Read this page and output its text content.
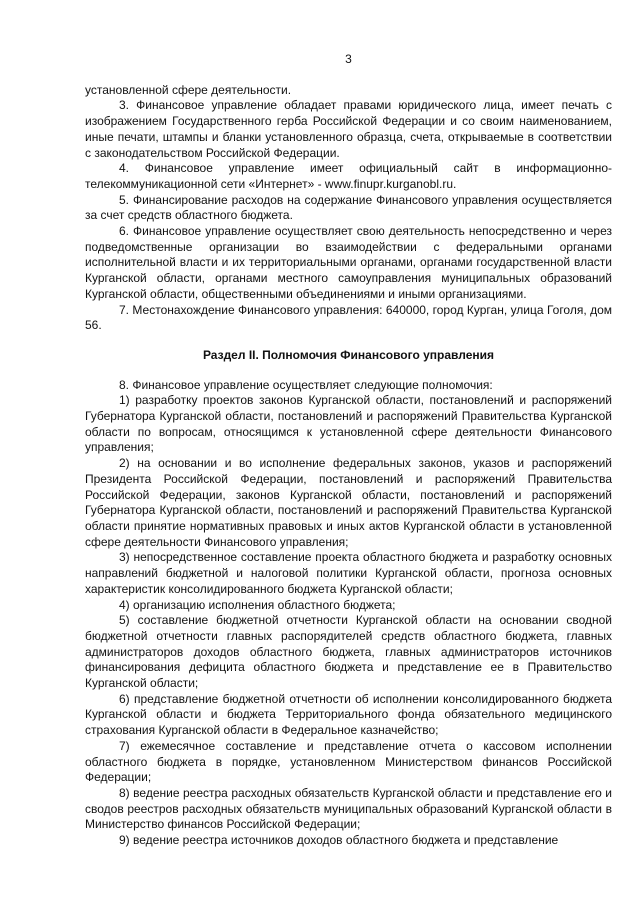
3

установленной сфере деятельности.

3. Финансовое управление обладает правами юридического лица, имеет печать с изображением Государственного герба Российской Федерации и со своим наименованием, иные печати, штампы и бланки установленного образца, счета, открываемые в соответствии с законодательством Российской Федерации.

4. Финансовое управление имеет официальный сайт в информационно-телекоммуникационной сети «Интернет» - www.finupr.kurganobl.ru.

5. Финансирование расходов на содержание Финансового управления осуществляется за счет средств областного бюджета.

6. Финансовое управление осуществляет свою деятельность непосредственно и через подведомственные организации во взаимодействии с федеральными органами исполнительной власти и их территориальными органами, органами государственной власти Курганской области, органами местного самоуправления муниципальных образований Курганской области, общественными объединениями и иными организациями.

7. Местонахождение Финансового управления: 640000, город Курган, улица Гоголя, дом 56.

Раздел II. Полномочия Финансового управления

8. Финансовое управление осуществляет следующие полномочия:

1) разработку проектов законов Курганской области, постановлений и распоряжений Губернатора Курганской области, постановлений и распоряжений Правительства Курганской области по вопросам, относящимся к установленной сфере деятельности Финансового управления;

2) на основании и во исполнение федеральных законов, указов и распоряжений Президента Российской Федерации, постановлений и распоряжений Правительства Российской Федерации, законов Курганской области, постановлений и распоряжений Губернатора Курганской области, постановлений и распоряжений Правительства Курганской области принятие нормативных правовых и иных актов Курганской области в установленной сфере деятельности Финансового управления;

3) непосредственное составление проекта областного бюджета и разработку основных направлений бюджетной и налоговой политики Курганской области, прогноза основных характеристик консолидированного бюджета Курганской области;

4) организацию исполнения областного бюджета;

5) составление бюджетной отчетности Курганской области на основании сводной бюджетной отчетности главных распорядителей средств областного бюджета, главных администраторов доходов областного бюджета, главных администраторов источников финансирования дефицита областного бюджета и представление ее в Правительство Курганской области;

6) представление бюджетной отчетности об исполнении консолидированного бюджета Курганской области и бюджета Территориального фонда обязательного медицинского страхования Курганской области в Федеральное казначейство;

7) ежемесячное составление и представление отчета о кассовом исполнении областного бюджета в порядке, установленном Министерством финансов Российской Федерации;

8) ведение реестра расходных обязательств Курганской области и представление его и сводов реестров расходных обязательств муниципальных образований Курганской области в Министерство финансов Российской Федерации;

9) ведение реестра источников доходов областного бюджета и представление
